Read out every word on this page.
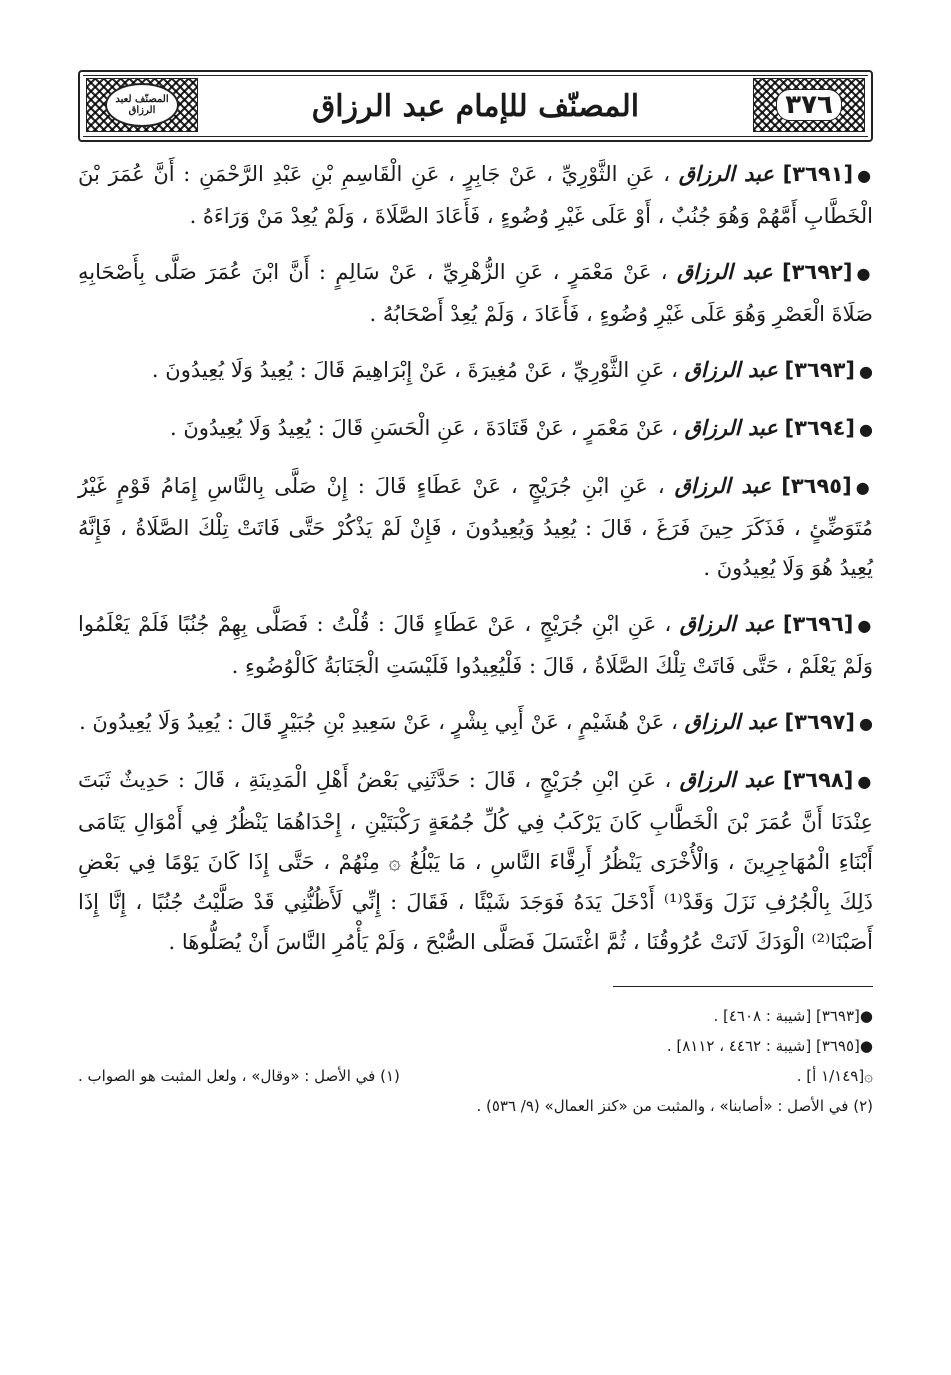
٣٧٦
المصنّف للإمام عبد الرزاق
المصنّف لعبد الرزاق

●[٣٦٩١] عبد الرزاق ، عَنِ الثَّوْرِيِّ ، عَنْ جَابِرٍ ، عَنِ الْقَاسِمِ بْنِ عَبْدِ الرَّحْمَنِ : أَنَّ عُمَرَ بْنَ الْخَطَّابِ أَمَّهُمْ وَهُوَ جُنُبٌ ، أَوْ عَلَى غَيْرِ وُضُوءٍ ، فَأَعَادَ الصَّلَاةَ ، وَلَمْ يُعِدْ مَنْ وَرَاءَهُ .

●[٣٦٩٢] عبد الرزاق ، عَنْ مَعْمَرٍ ، عَنِ الزُّهْرِيِّ ، عَنْ سَالِمٍ : أَنَّ ابْنَ عُمَرَ صَلَّى بِأَصْحَابِهِ صَلَاةَ الْعَصْرِ وَهُوَ عَلَى غَيْرِ وُضُوءٍ ، فَأَعَادَ ، وَلَمْ يُعِدْ أَصْحَابُهُ .

●[٣٦٩٣] عبد الرزاق ، عَنِ الثَّوْرِيِّ ، عَنْ مُغِيرَةَ ، عَنْ إِبْرَاهِيمَ قَالَ : يُعِيدُ وَلَا يُعِيدُونَ .

●[٣٦٩٤] عبد الرزاق ، عَنْ مَعْمَرٍ ، عَنْ قَتَادَةَ ، عَنِ الْحَسَنِ قَالَ : يُعِيدُ وَلَا يُعِيدُونَ .

●[٣٦٩٥] عبد الرزاق ، عَنِ ابْنِ جُرَيْجٍ ، عَنْ عَطَاءٍ قَالَ : إِنْ صَلَّى بِالنَّاسِ إِمَامُ قَوْمٍ غَيْرُ مُتَوَضِّئٍ ، فَذَكَرَ حِينَ فَرَغَ ، قَالَ : يُعِيدُ وَيُعِيدُونَ ، فَإِنْ لَمْ يَذْكُرْ حَتَّى فَاتَتْ تِلْكَ الصَّلَاةُ ، فَإِنَّهُ يُعِيدُ هُوَ وَلَا يُعِيدُونَ .

●[٣٦٩٦] عبد الرزاق ، عَنِ ابْنِ جُرَيْجٍ ، عَنْ عَطَاءٍ قَالَ : قُلْتُ : فَصَلَّى بِهِمْ جُنُبًا فَلَمْ يَعْلَمُوا وَلَمْ يَعْلَمْ ، حَتَّى فَاتَتْ تِلْكَ الصَّلَاةُ ، قَالَ : فَلْيُعِيدُوا فَلَيْسَتِ الْجَنَابَةُ كَالْوُضُوءِ .

●[٣٦٩٧] عبد الرزاق ، عَنْ هُشَيْمٍ ، عَنْ أَبِي بِشْرٍ ، عَنْ سَعِيدِ بْنِ جُبَيْرٍ قَالَ : يُعِيدُ وَلَا يُعِيدُونَ .

●[٣٦٩٨] عبد الرزاق ، عَنِ ابْنِ جُرَيْجٍ ، قَالَ : حَدَّثَنِي بَعْضُ أَهْلِ الْمَدِينَةِ ، قَالَ : حَدِيثٌ ثَبَتَ عِنْدَنَا أَنَّ عُمَرَ بْنَ الْخَطَّابِ كَانَ يَرْكَبُ فِي كُلِّ جُمُعَةٍ رَكْبَتَيْنِ ، إِحْدَاهُمَا يَنْظُرُ فِي أَمْوَالِ يَتَامَى أَبْنَاءِ الْمُهَاجِرِينَ ، وَالْأُخْرَى يَنْظُرُ أَرِقَّاءَ النَّاسِ ، مَا يَبْلُغُ ۞ مِنْهُمْ ، حَتَّى إِذَا كَانَ يَوْمًا فِي بَعْضِ ذَلِكَ بِالْجُرُفِ نَزَلَ وَقَدْ⁽¹⁾ أَدْخَلَ يَدَهُ فَوَجَدَ شَيْئًا ، فَقَالَ : إِنِّي لَأَظُنُّنِي قَدْ صَلَّيْتُ جُنُبًا ، إِنَّا إِذَا أَصَبْنَا⁽²⁾ الْوَدَكَ لَانَتْ عُرُوقُنَا ، ثُمَّ اغْتَسَلَ فَصَلَّى الصُّبْحَ ، وَلَمْ يَأْمُرِ النَّاسَ أَنْ يُصَلُّوهَا .

●[٣٦٩٣] [شيبة : ٤٦٠٨] .
●[٣٦٩٥] [شيبة : ٤٤٦٢ ، ٨١١٢] .
۞[١/١٤٩ أ] .
(١) في الأصل : «وقال» ، ولعل المثبت هو الصواب .
(٢) في الأصل : «أصابنا» ، والمثبت من «كنز العمال» (٩/ ٥٣٦) .
